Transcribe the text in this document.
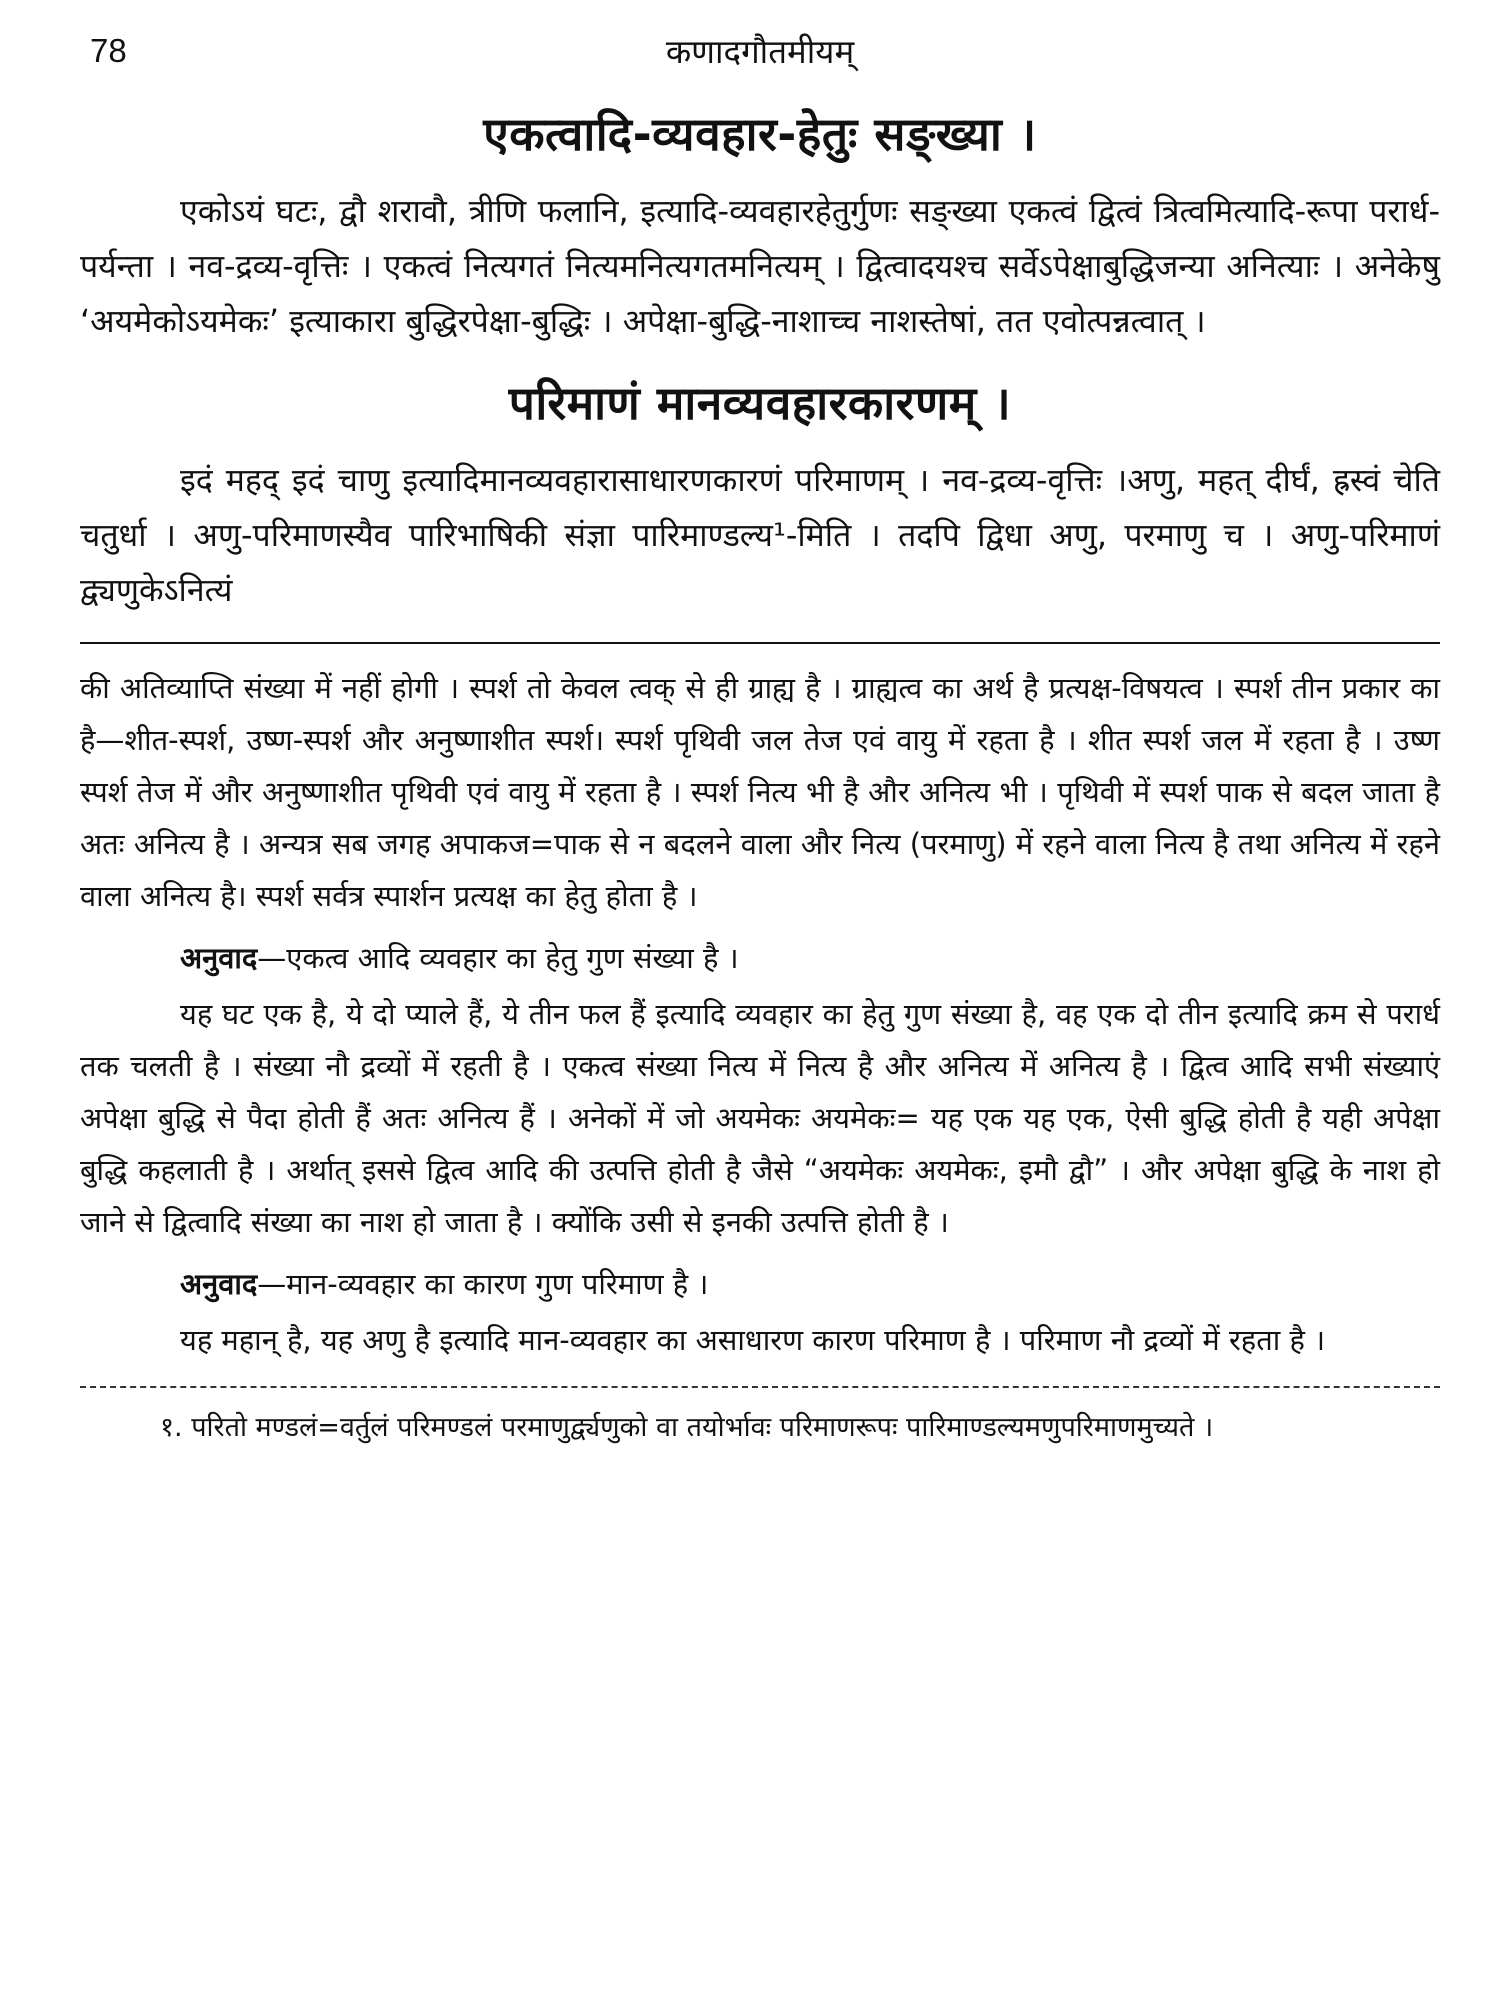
78	कणादगौतमीयम्
एकत्वादि-व्यवहार-हेतुः सङ्ख्या ।

एकोऽयं घटः, द्वौ शरावौ, त्रीणि फलानि, इत्यादि-व्यवहारहेतुर्गुणः सङ्ख्या एकत्वं द्वित्वं त्रित्वमित्यादि-रूपा परार्ध-पर्यन्ता । नव-द्रव्य-वृत्तिः । एकत्वं नित्यगतं नित्यमनित्यगतमनित्यम् । द्वित्वादयश्च सर्वेऽपेक्षाबुद्धिजन्या अनित्याः । अनेकेषु ‘अयमेकोऽयमेकः’ इत्याकारा बुद्धिरपेक्षा-बुद्धिः । अपेक्षा-बुद्धि-नाशाच्च नाशस्तेषां, तत एवोत्पन्नत्वात् ।

परिमाणं मानव्यवहारकारणम् ।

इदं महद् इदं चाणु इत्यादिमानव्यवहारासाधारणकारणं परिमाणम् । नव-द्रव्य-वृत्तिः ।अणु, महत् दीर्घं, ह्रस्वं चेति चतुर्धा । अणु-परिमाणस्यैव पारिभाषिकी संज्ञा पारिमाण्डल्य¹-मिति । तदपि द्विधा अणु, परमाणु च । अणु-परिमाणं द्व्यणुकेऽनित्यं

की अतिव्याप्ति संख्या में नहीं होगी । स्पर्श तो केवल त्वक् से ही ग्राह्य है । ग्राह्यत्व का अर्थ है प्रत्यक्ष-विषयत्व । स्पर्श तीन प्रकार का है—शीत-स्पर्श, उष्ण-स्पर्श और अनुष्णाशीत स्पर्श। स्पर्श पृथिवी जल तेज एवं वायु में रहता है । शीत स्पर्श जल में रहता है । उष्ण स्पर्श तेज में और अनुष्णाशीत पृथिवी एवं वायु में रहता है । स्पर्श नित्य भी है और अनित्य भी । पृथिवी में स्पर्श पाक से बदल जाता है अतः अनित्य है । अन्यत्र सब जगह अपाकज=पाक से न बदलने वाला और नित्य (परमाणु) में रहने वाला नित्य है तथा अनित्य में रहने वाला अनित्य है। स्पर्श सर्वत्र स्पार्शन प्रत्यक्ष का हेतु होता है ।

अनुवाद—एकत्व आदि व्यवहार का हेतु गुण संख्या है ।

यह घट एक है, ये दो प्याले हैं, ये तीन फल हैं इत्यादि व्यवहार का हेतु गुण संख्या है, वह एक दो तीन इत्यादि क्रम से परार्ध तक चलती है । संख्या नौ द्रव्यों में रहती है । एकत्व संख्या नित्य में नित्य है और अनित्य में अनित्य है । द्वित्व आदि सभी संख्याएं अपेक्षा बुद्धि से पैदा होती हैं अतः अनित्य हैं । अनेकों में जो अयमेकः अयमेकः= यह एक यह एक, ऐसी बुद्धि होती है यही अपेक्षा बुद्धि कहलाती है । अर्थात् इससे द्वित्व आदि की उत्पत्ति होती है जैसे “अयमेकः अयमेकः, इमौ द्वौ” । और अपेक्षा बुद्धि के नाश हो जाने से द्वित्वादि संख्या का नाश हो जाता है । क्योंकि उसी से इनकी उत्पत्ति होती है ।

अनुवाद—मान-व्यवहार का कारण गुण परिमाण है ।

यह महान् है, यह अणु है इत्यादि मान-व्यवहार का असाधारण कारण परिमाण है । परिमाण नौ द्रव्यों में रहता है ।

१. परितो मण्डलं=वर्तुलं परिमण्डलं परमाणुर्द्व्यणुको वा तयोर्भावः परिमाणरूपः पारिमाण्डल्यमणुपरिमाणमुच्यते ।
